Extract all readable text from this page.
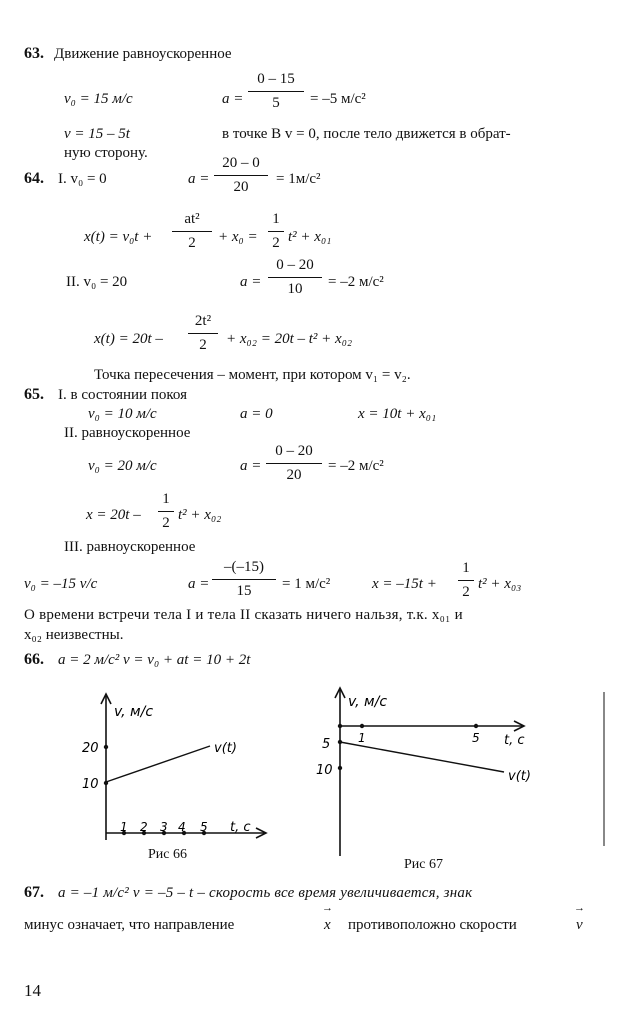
63. Движение равноускоренное
v₀ = 15 м/с	a =
0 – 15
5	= –5 м/с²
v = 15 – 5t	в точке В v = 0, после тело движется в обрат-
ную сторону.
64. I. v₀ = 0	a =
20 – 0
20	= 1м/с²
x(t) = v₀t +
at²
2	+ x₀ =
1
2 t² + x₀₁
II. v₀ = 20	a =
0 – 20
10	= –2 м/с²
x(t) = 20t –
2t²
2	+ x₀₂ = 20t – t² + x₀₂
Точка пересечения – момент, при котором v₁ = v₂.
65. I. в состоянии покоя
v₀ = 10 м/с	a = 0	x = 10t + x₀₁
II. равноускоренное
v₀ = 20 м/с	a =
0 – 20
20
= –2 м/с²
x = 20t –
1
2 t² + x₀₂
III. равноускоренное
v₀ = –15 v/c	a =
–(–15)
15	= 1 м/с²	x = –15t +
1
2 t² + x₀₃
О времени встречи тела I и тела II сказать ничего нальзя, т.к. x₀₁ и
x₀₂ неизвестны.
66. a = 2 м/с² v = v₀ + at = 10 + 2t
v, м/с
20
10
1 2 3 4 5 t, c
v(t)
Рис 66
v, м/с
5
10
1	5 t, c
v(t)
Рис 67
67. a = –1 м/с² v = –5 – t – скорость все время увеличивается, знак
минус означает, что направление	x
→
противоположно скорости	v
→
14
